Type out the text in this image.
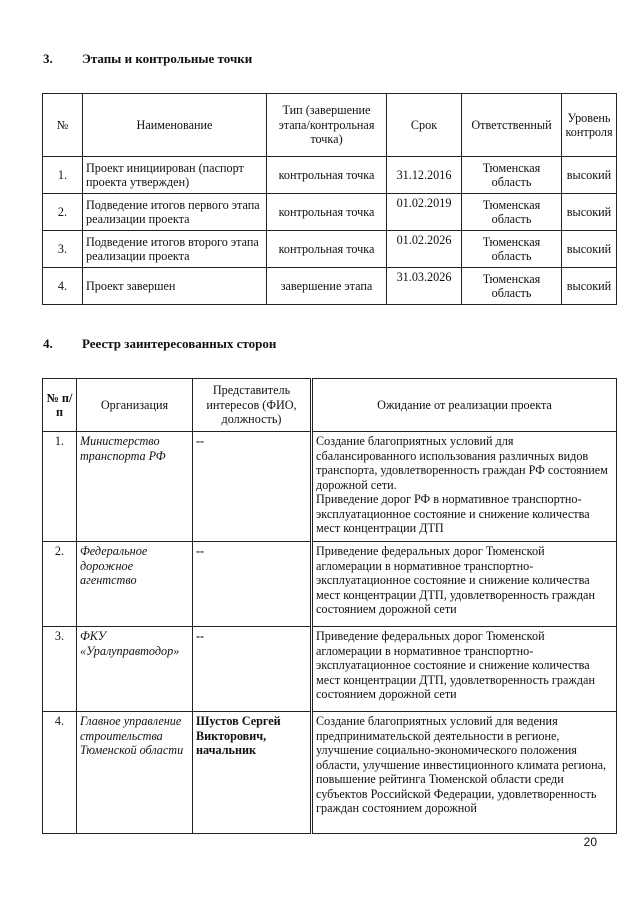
3. Этапы и контрольные точки
№	Наименование	Тип (завершение этапа/контрольная точка)	Срок	Ответственный	Уровень контроля
1.	Проект инициирован (паспорт проекта утвержден)	контрольная точка	31.12.2016	Тюменская область	высокий
2.	Подведение итогов первого этапа реализации проекта	контрольная точка	01.02.2019	Тюменская область	высокий
3.	Подведение итогов второго этапа реализации проекта	контрольная точка	01.02.2026	Тюменская область	высокий
4.	Проект завершен	завершение этапа	31.03.2026	Тюменская область	высокий
4. Реестр заинтересованных сторон
№ п/п	Организация	Представитель интересов (ФИО, должность)	Ожидание от реализации проекта
1.	Министерство транспорта РФ	--	Создание благоприятных условий для сбалансированного использования различных видов транспорта, удовлетворенность граждан РФ состоянием дорожной сети.
Приведение дорог РФ в нормативное транспортно-эксплуатационное состояние и снижение количества мест концентрации ДТП
2.	Федеральное дорожное агентство	--	Приведение федеральных дорог Тюменской агломерации в нормативное транспортно-эксплуатационное состояние и снижение количества мест концентрации ДТП, удовлетворенность граждан состоянием дорожной сети
3.	ФКУ «Уралуправтодор»	--	Приведение федеральных дорог Тюменской агломерации в нормативное транспортно-эксплуатационное состояние и снижение количества мест концентрации ДТП, удовлетворенность граждан состоянием дорожной сети
4.	Главное управление строительства Тюменской области	Шустов Сергей Викторович, начальник	Создание благоприятных условий для ведения предпринимательской деятельности в регионе, улучшение социально-экономического положения области, улучшение инвестиционного климата региона, повышение рейтинга Тюменской области среди субъектов Российской Федерации, удовлетворенность граждан состоянием дорожной
20
